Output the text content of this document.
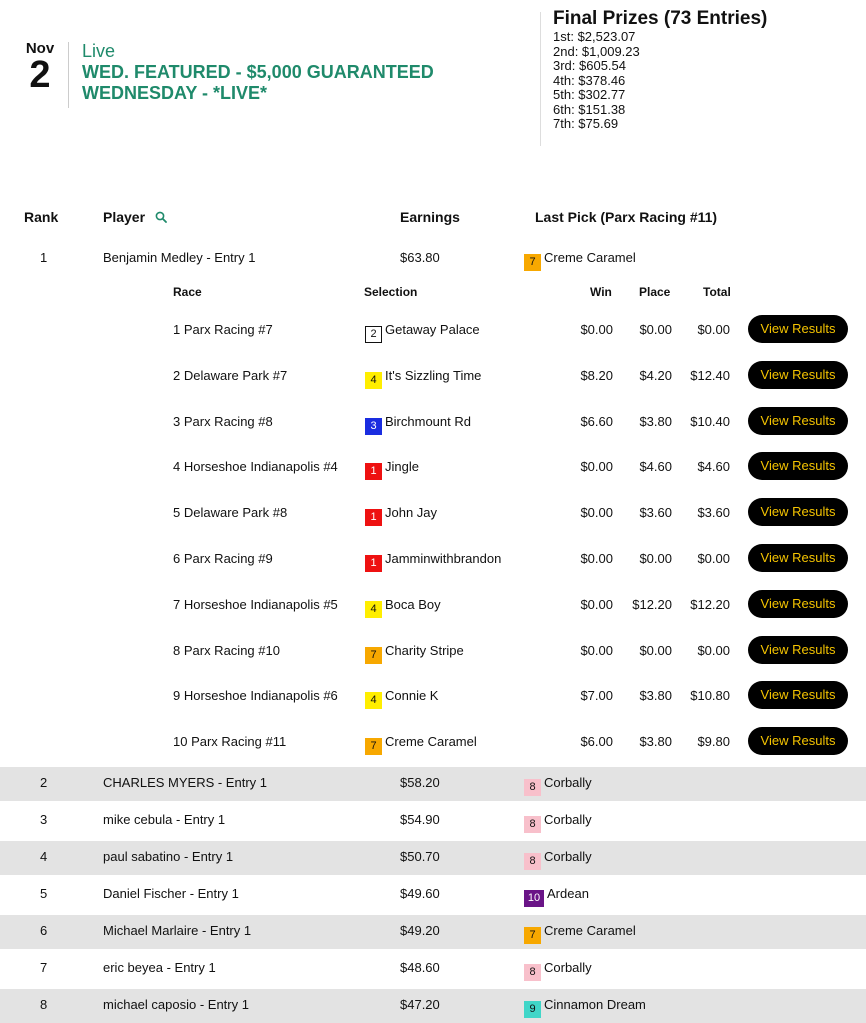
Nov
2
Live
WED. FEATURED - $5,000 GUARANTEED
WEDNESDAY - *LIVE*
Final Prizes (73 Entries)
1st: $2,523.07
2nd: $1,009.23
3rd: $605.54
4th: $378.46
5th: $302.77
6th: $151.38
7th: $75.69
Rank	Player	Earnings	Last Pick (Parx Racing #11)
1	Benjamin Medley - Entry 1	$63.80	7 Creme Caramel
2	CHARLES MYERS - Entry 1	$58.20	8 Corbally
3	mike cebula - Entry 1	$54.90	8 Corbally
4	paul sabatino - Entry 1	$50.70	8 Corbally
5	Daniel Fischer - Entry 1	$49.60	10 Ardean
6	Michael Marlaire - Entry 1	$49.20	7 Creme Caramel
7	eric beyea - Entry 1	$48.60	8 Corbally
8	michael caposio - Entry 1	$47.20	9 Cinnamon Dream
Race	Selection	Win Place	Total
1 Parx Racing #7	2 Getaway Palace	$0.00 $0.00 $0.00	View Results
2 Delaware Park #7	4 It's Sizzling Time	$8.20 $4.20 $12.40	View Results
3 Parx Racing #8	3 Birchmount Rd	$6.60 $3.80 $10.40	View Results
4 Horseshoe Indianapolis #4	1 Jingle	$0.00 $4.60 $4.60	View Results
5 Delaware Park #8	1 John Jay	$0.00 $3.60 $3.60	View Results
6 Parx Racing #9	1 Jamminwithbrandon	$0.00 $0.00 $0.00	View Results
7 Horseshoe Indianapolis #5	4 Boca Boy	$0.00 $12.20 $12.20	View Results
8 Parx Racing #10	7 Charity Stripe	$0.00 $0.00 $0.00	View Results
9 Horseshoe Indianapolis #6	4 Connie K	$7.00 $3.80 $10.80	View Results
10 Parx Racing #11	7 Creme Caramel	$6.00 $3.80 $9.80	View Results
